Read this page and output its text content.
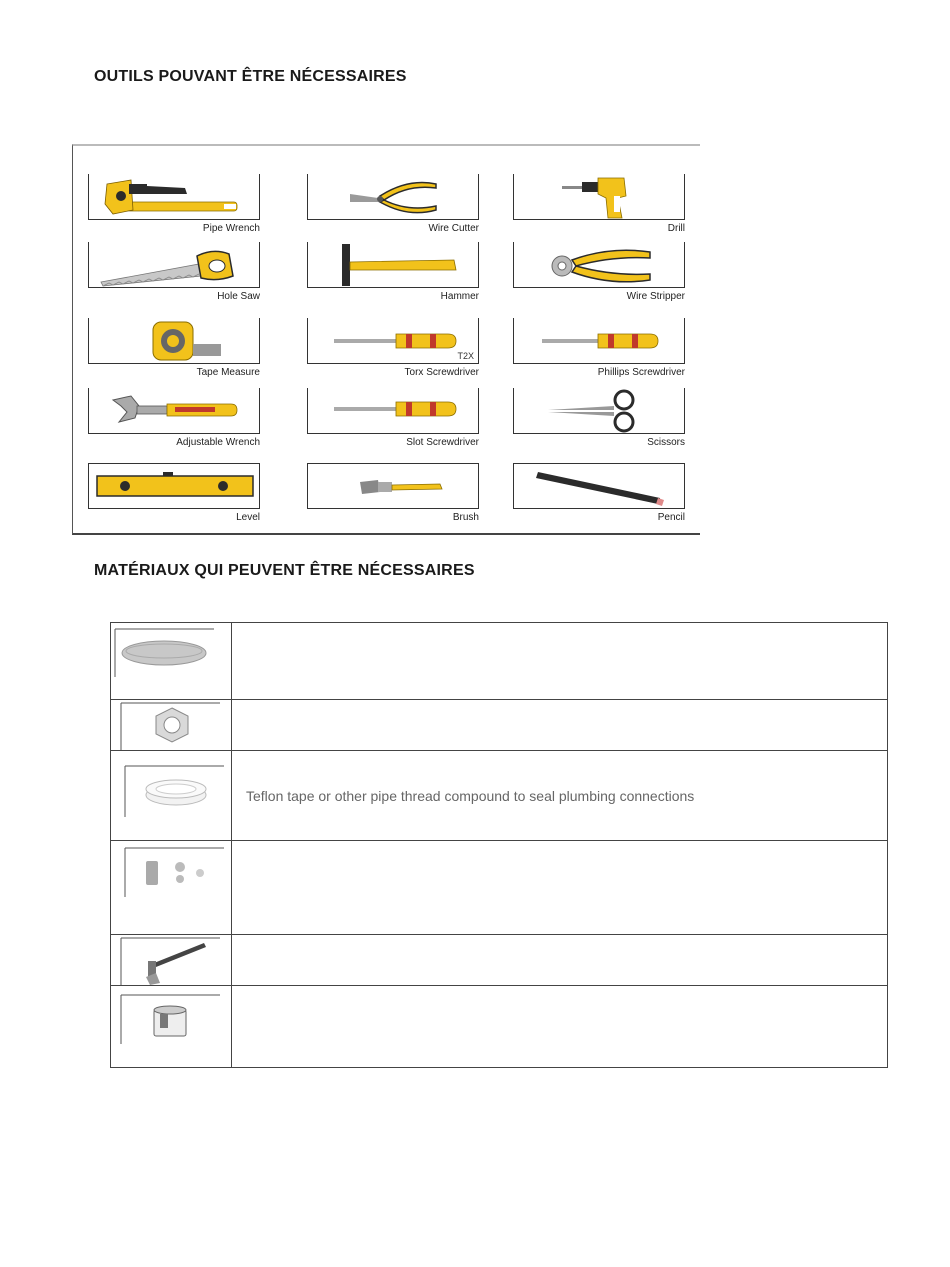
OUTILS POUVANT ÊTRE NÉCESSAIRES
Pipe Wrench	Wire Cutter	Drill
Hole Saw	Hammer	Wire Stripper
Tape Measure
T2X
Torx Screwdriver	Phillips Screwdriver
Adjustable Wrench	Slot Screwdriver	Scissors
Level	Brush	Pencil
MATÉRIAUX QUI PEUVENT ÊTRE NÉCESSAIRES

	Teflon tape or other pipe thread compound to seal plumbing connections
